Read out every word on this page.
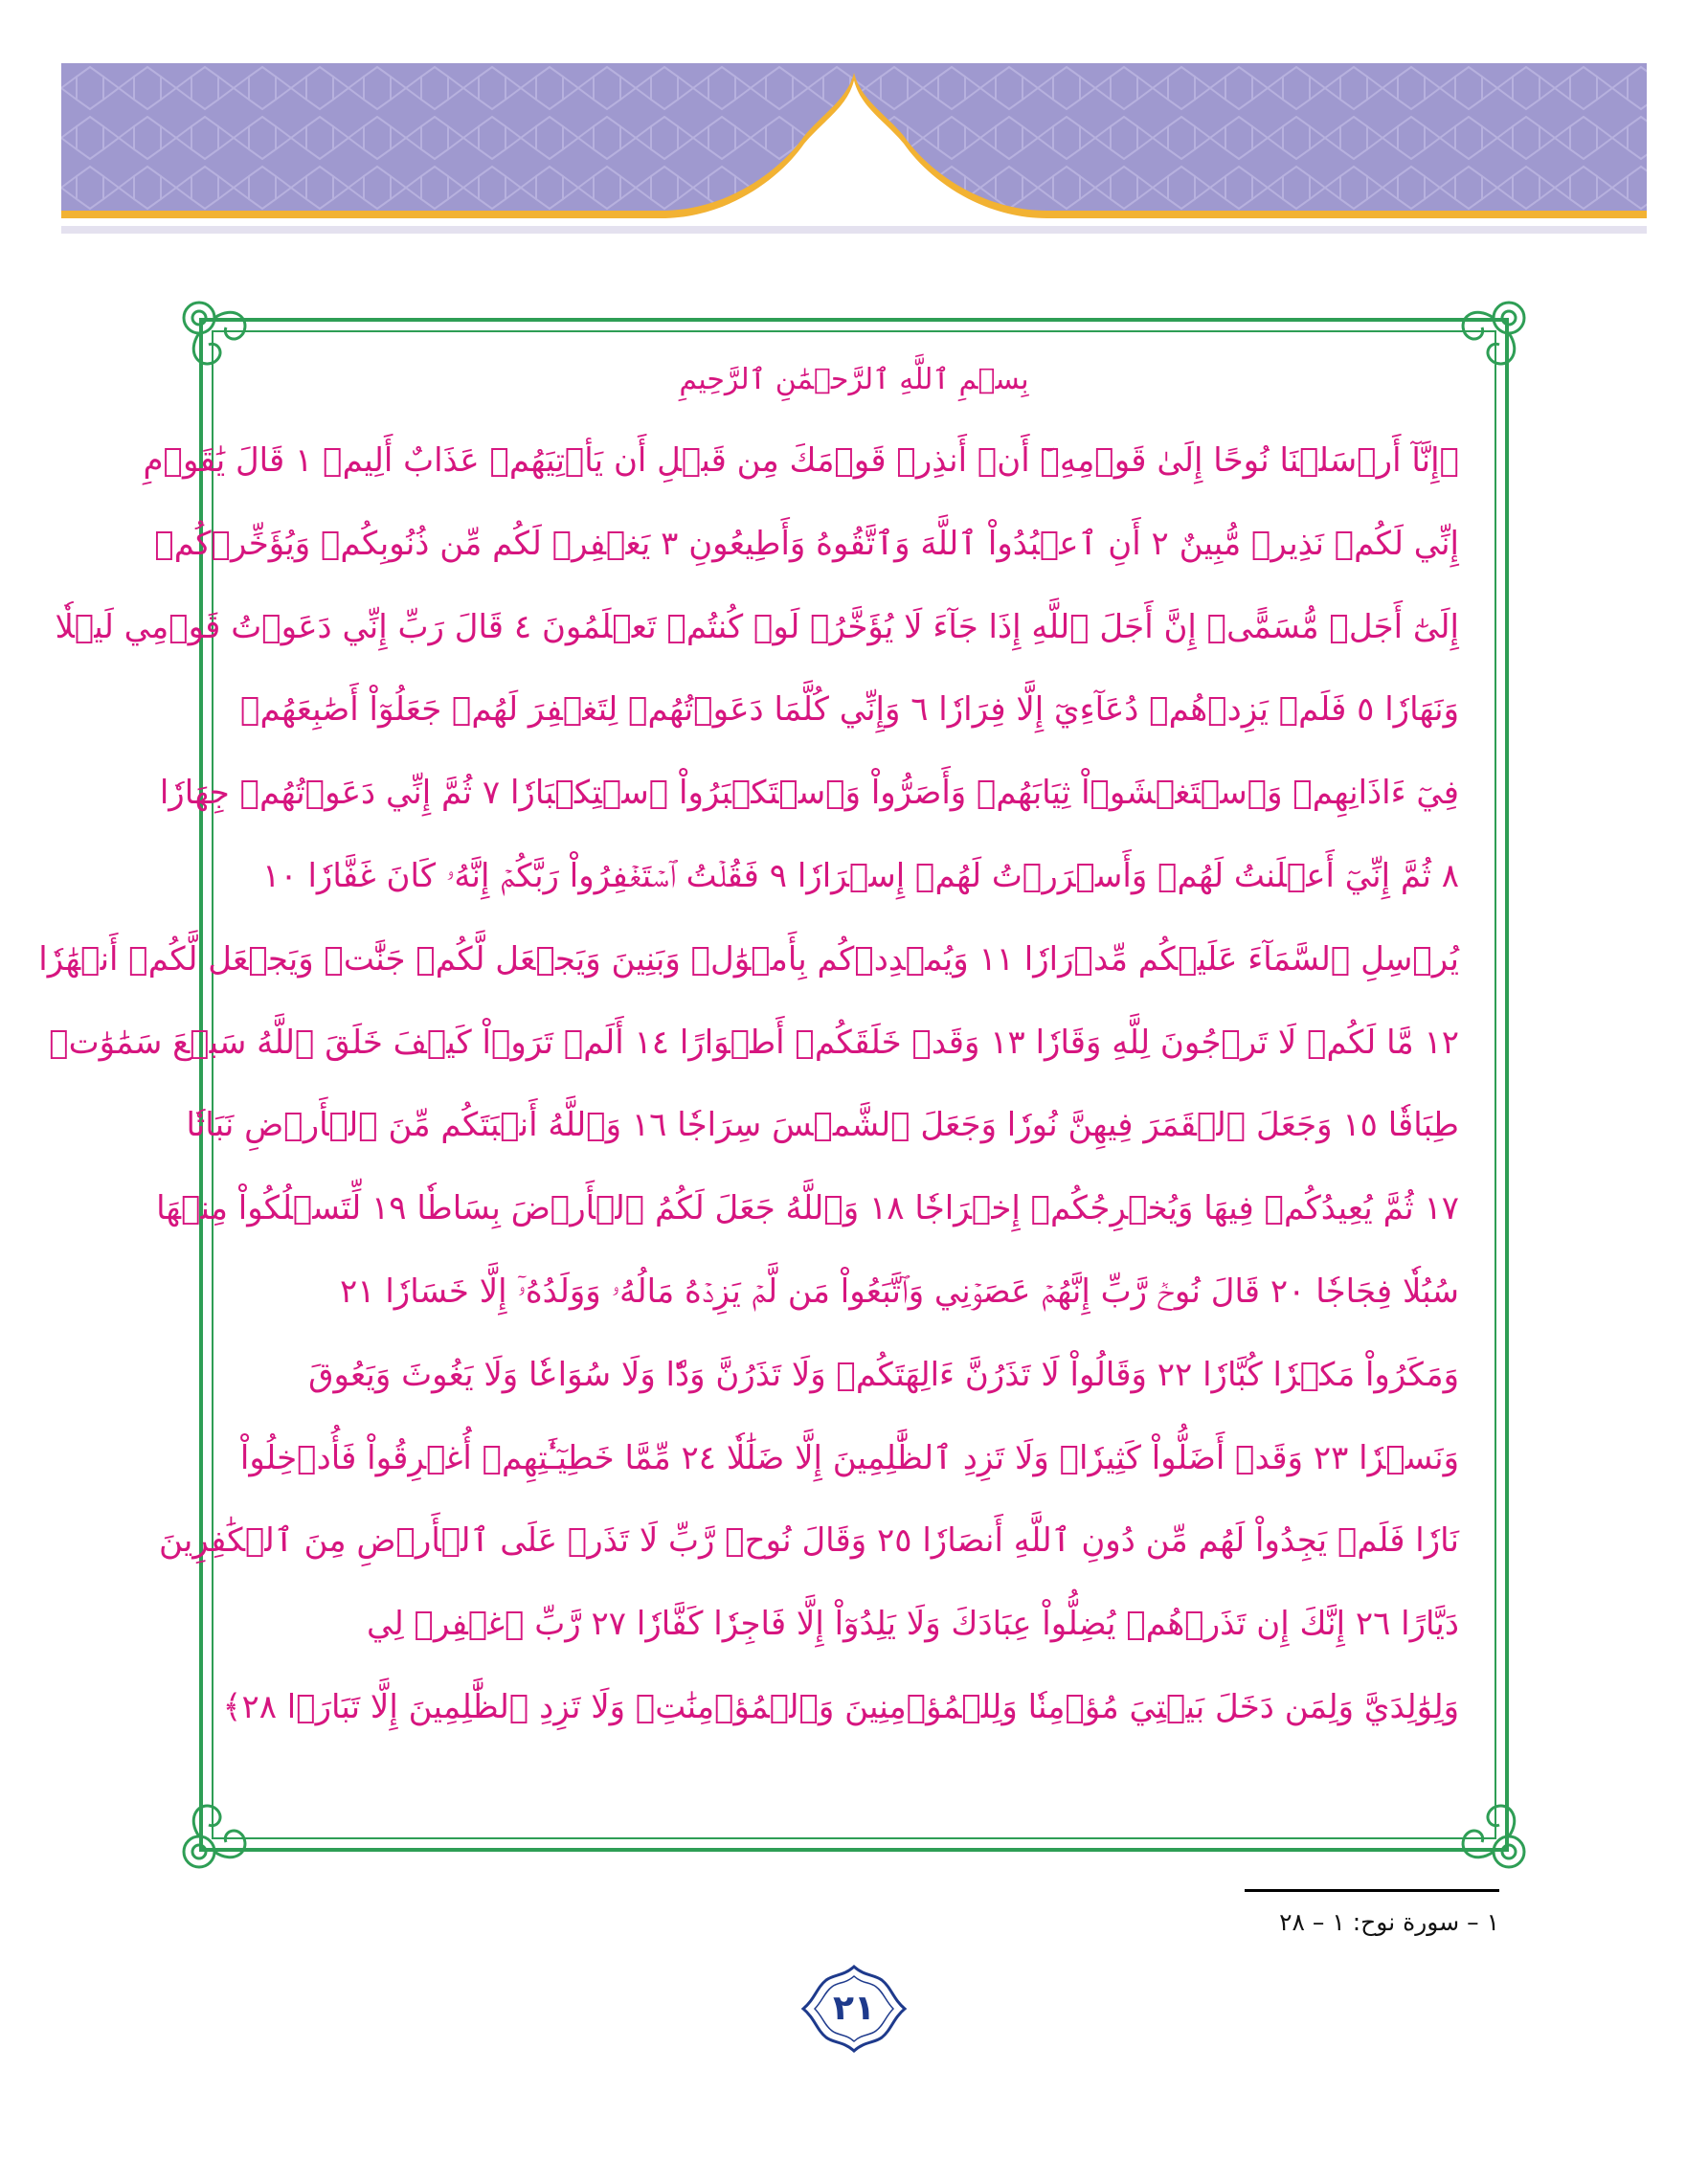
بِسۡمِ ٱللَّهِ ٱلرَّحۡمَٰنِ ٱلرَّحِيمِ
﴿إِنَّآ أَرۡسَلۡنَا نُوحًا إِلَىٰ قَوۡمِهِۦٓ أَنۡ أَنذِرۡ قَوۡمَكَ مِن قَبۡلِ أَن يَأۡتِيَهُمۡ عَذَابٌ أَلِيمٞ ١ قَالَ يَٰقَوۡمِ
إِنِّي لَكُمۡ نَذِيرٞ مُّبِينٌ ٢ أَنِ ٱعۡبُدُواْ ٱللَّهَ وَٱتَّقُوهُ وَأَطِيعُونِ ٣ يَغۡفِرۡ لَكُم مِّن ذُنُوبِكُمۡ وَيُؤَخِّرۡكُمۡ
إِلَىٰٓ أَجَلٖ مُّسَمًّىۚ إِنَّ أَجَلَ ٱللَّهِ إِذَا جَآءَ لَا يُؤَخَّرُۚ لَوۡ كُنتُمۡ تَعۡلَمُونَ ٤ قَالَ رَبِّ إِنِّي دَعَوۡتُ قَوۡمِي لَيۡلٗا
وَنَهَارٗا ٥ فَلَمۡ يَزِدۡهُمۡ دُعَآءِيٓ إِلَّا فِرَارٗا ٦ وَإِنِّي كُلَّمَا دَعَوۡتُهُمۡ لِتَغۡفِرَ لَهُمۡ جَعَلُوٓاْ أَصَٰبِعَهُمۡ
فِيٓ ءَاذَانِهِمۡ وَٱسۡتَغۡشَوۡاْ ثِيَابَهُمۡ وَأَصَرُّواْ وَٱسۡتَكۡبَرُواْ ٱسۡتِكۡبَارٗا ٧ ثُمَّ إِنِّي دَعَوۡتُهُمۡ جِهَارٗا
٨ ثُمَّ إِنِّيٓ أَعۡلَنتُ لَهُمۡ وَأَسۡرَرۡتُ لَهُمۡ إِسۡرَارٗا ٩ فَقُلۡتُ ٱسۡتَغۡفِرُواْ رَبَّكُمۡ إِنَّهُۥ كَانَ غَفَّارٗا ١٠
يُرۡسِلِ ٱلسَّمَآءَ عَلَيۡكُم مِّدۡرَارٗا ١١ وَيُمۡدِدۡكُم بِأَمۡوَٰلٖ وَبَنِينَ وَيَجۡعَل لَّكُمۡ جَنَّٰتٖ وَيَجۡعَل لَّكُمۡ أَنۡهَٰرٗا
١٢ مَّا لَكُمۡ لَا تَرۡجُونَ لِلَّهِ وَقَارٗا ١٣ وَقَدۡ خَلَقَكُمۡ أَطۡوَارًا ١٤ أَلَمۡ تَرَوۡاْ كَيۡفَ خَلَقَ ٱللَّهُ سَبۡعَ سَمَٰوَٰتٖ
طِبَاقٗا ١٥ وَجَعَلَ ٱلۡقَمَرَ فِيهِنَّ نُورٗا وَجَعَلَ ٱلشَّمۡسَ سِرَاجٗا ١٦ وَٱللَّهُ أَنۢبَتَكُم مِّنَ ٱلۡأَرۡضِ نَبَاتٗا
١٧ ثُمَّ يُعِيدُكُمۡ فِيهَا وَيُخۡرِجُكُمۡ إِخۡرَاجٗا ١٨ وَٱللَّهُ جَعَلَ لَكُمُ ٱلۡأَرۡضَ بِسَاطٗا ١٩ لِّتَسۡلُكُواْ مِنۡهَا
سُبُلٗا فِجَاجٗا ٢٠ قَالَ نُوحٞ رَّبِّ إِنَّهُمۡ عَصَوۡنِي وَٱتَّبَعُواْ مَن لَّمۡ يَزِدۡهُ مَالُهُۥ وَوَلَدُهُۥٓ إِلَّا خَسَارٗا ٢١
وَمَكَرُواْ مَكۡرٗا كُبَّارٗا ٢٢ وَقَالُواْ لَا تَذَرُنَّ ءَالِهَتَكُمۡ وَلَا تَذَرُنَّ وَدّٗا وَلَا سُوَاعٗا وَلَا يَغُوثَ وَيَعُوقَ
وَنَسۡرٗا ٢٣ وَقَدۡ أَضَلُّواْ كَثِيرٗاۖ وَلَا تَزِدِ ٱلظَّٰلِمِينَ إِلَّا ضَلَٰلٗا ٢٤ مِّمَّا خَطِيٓـَٰٔتِهِمۡ أُغۡرِقُواْ فَأُدۡخِلُواْ
نَارٗا فَلَمۡ يَجِدُواْ لَهُم مِّن دُونِ ٱللَّهِ أَنصَارٗا ٢٥ وَقَالَ نُوحٞ رَّبِّ لَا تَذَرۡ عَلَى ٱلۡأَرۡضِ مِنَ ٱلۡكَٰفِرِينَ
دَيَّارًا ٢٦ إِنَّكَ إِن تَذَرۡهُمۡ يُضِلُّواْ عِبَادَكَ وَلَا يَلِدُوٓاْ إِلَّا فَاجِرٗا كَفَّارٗا ٢٧ رَّبِّ ٱغۡفِرۡ لِي
وَلِوَٰلِدَيَّ وَلِمَن دَخَلَ بَيۡتِيَ مُؤۡمِنٗا وَلِلۡمُؤۡمِنِينَ وَٱلۡمُؤۡمِنَٰتِۖ وَلَا تَزِدِ ٱلظَّٰلِمِينَ إِلَّا تَبَارَۢا ٢٨﴾
١ – سورة نوح: ١ – ٢٨
٢١
